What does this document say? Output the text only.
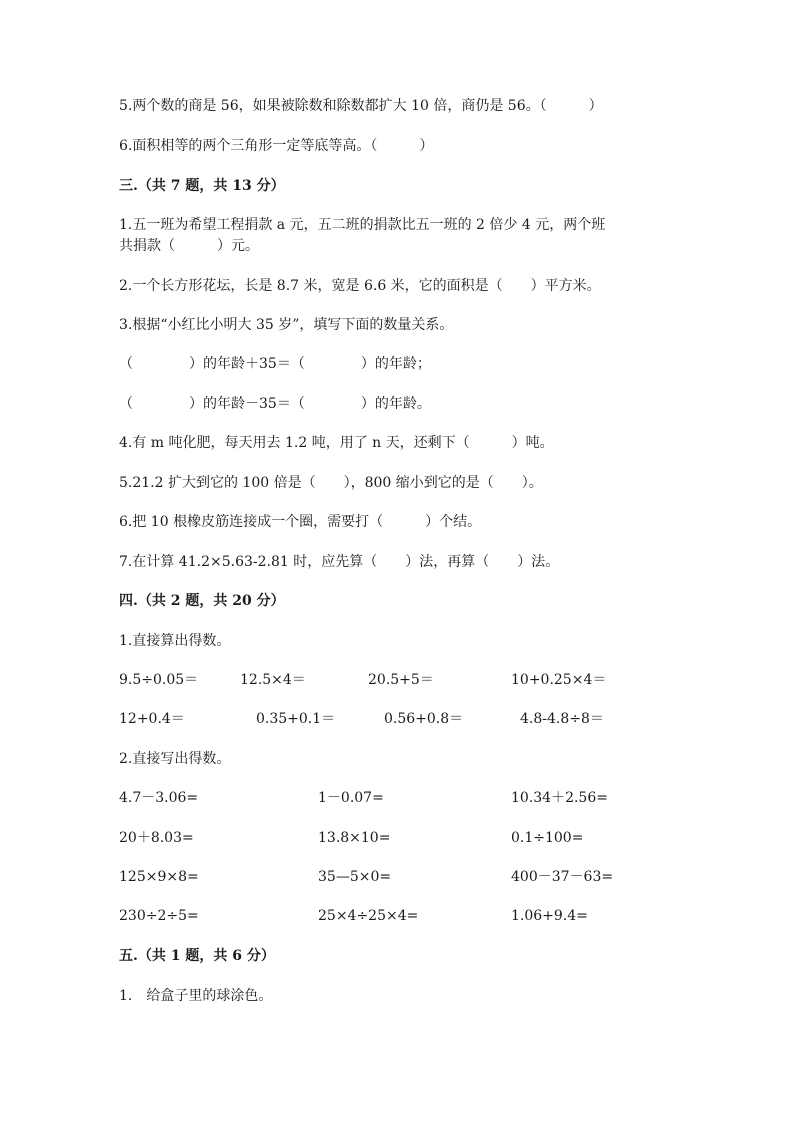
5.两个数的商是 56，如果被除数和除数都扩大 10 倍，商仍是 56。（　　　）
6.面积相等的两个三角形一定等底等高。（　　　）
三.（共 7 题，共 13 分）
1.五一班为希望工程捐款 a 元，五二班的捐款比五一班的 2 倍少 4 元，两个班
共捐款（　　　）元。
2.一个长方形花坛，长是 8.7 米，宽是 6.6 米，它的面积是（　　）平方米。
3.根据“小红比小明大 35 岁”，填写下面的数量关系。
（　　　　）的年龄＋35＝（　　　　）的年龄；
（　　　　）的年龄－35＝（　　　　）的年龄。
4.有 m 吨化肥，每天用去 1.2 吨，用了 n 天，还剩下（　　　）吨。
5.21.2 扩大到它的 100 倍是（　　），800 缩小到它的是（　　）。
6.把 10 根橡皮筋连接成一个圈，需要打（　　　）个结。
7.在计算 41.2×5.63-2.81 时，应先算（　　）法，再算（　　）法。
四.（共 2 题，共 20 分）
1.直接算出得数。
9.5÷0.05＝	12.5×4＝	20.5+5＝	10+0.25×4＝
12+0.4＝	0.35+0.1＝	0.56+0.8＝	4.8-4.8÷8＝
2.直接写出得数。
4.7－3.06=	1－0.07=	10.34＋2.56=
20＋8.03=	13.8×10=	0.1÷100=
125×9×8=	35—5×0=	400－37－63=
230÷2÷5=	25×4÷25×4=	1.06+9.4=
五.（共 1 题，共 6 分）
1.　给盒子里的球涂色。
